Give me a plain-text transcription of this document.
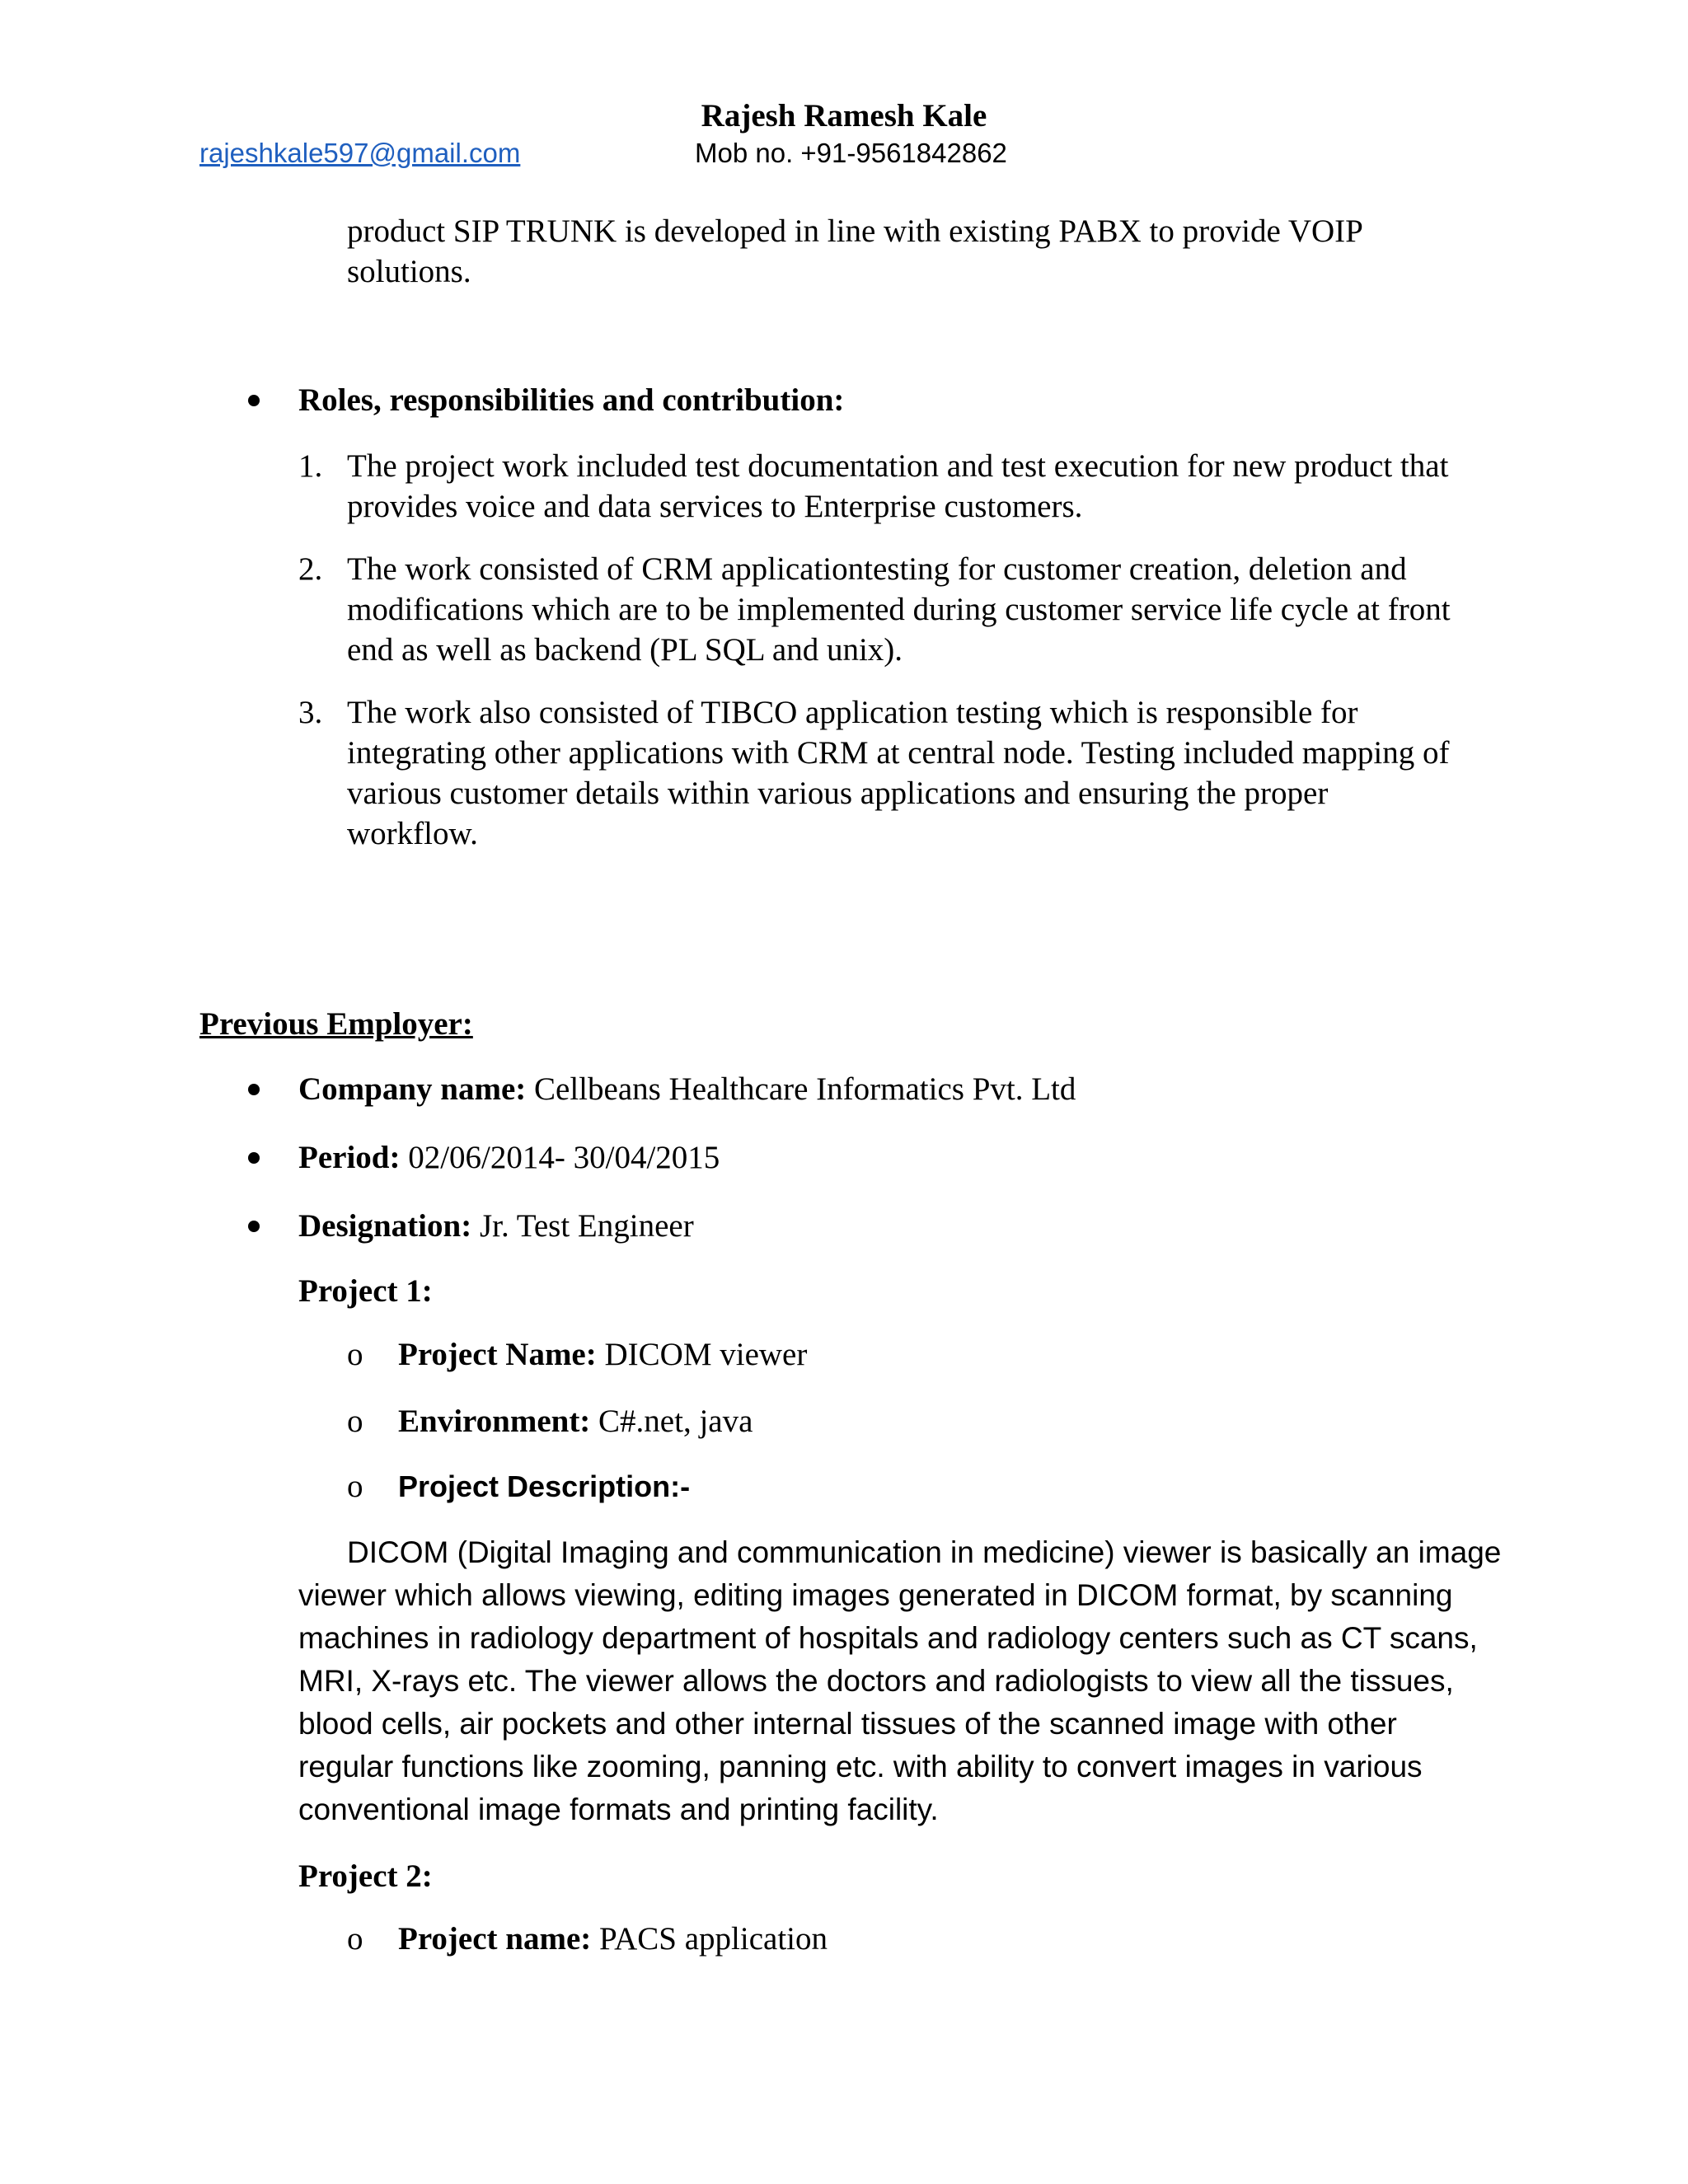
Rajesh Ramesh Kale
rajeshkale597@gmail.com	Mob no. +91-9561842862
product SIP TRUNK is developed in line with existing PABX to provide VOIP
solutions.
Roles, responsibilities and contribution:
1. The project work included test documentation and test execution for new product that
provides voice and data services to Enterprise customers.
2. The work consisted of CRM applicationtesting for customer creation, deletion and
modifications which are to be implemented during customer service life cycle at front
end as well as backend (PL SQL and unix).
3. The work also consisted of TIBCO application testing which is responsible for
integrating other applications with CRM at central node. Testing included mapping of
various customer details within various applications and ensuring the proper
workflow.
Previous Employer:
Company name: Cellbeans Healthcare Informatics Pvt. Ltd
Period: 02/06/2014- 30/04/2015
Designation: Jr. Test Engineer
Project 1:
o Project Name: DICOM viewer
o Environment: C#.net, java
o Project Description:-
DICOM (Digital Imaging and communication in medicine) viewer is basically an image
viewer which allows viewing, editing images generated in DICOM format, by scanning
machines in radiology department of hospitals and radiology centers such as CT scans,
MRI, X-rays etc. The viewer allows the doctors and radiologists to view all the tissues,
blood cells, air pockets and other internal tissues of the scanned image with other
regular functions like zooming, panning etc. with ability to convert images in various
conventional image formats and printing facility.
Project 2:
o Project name: PACS application
